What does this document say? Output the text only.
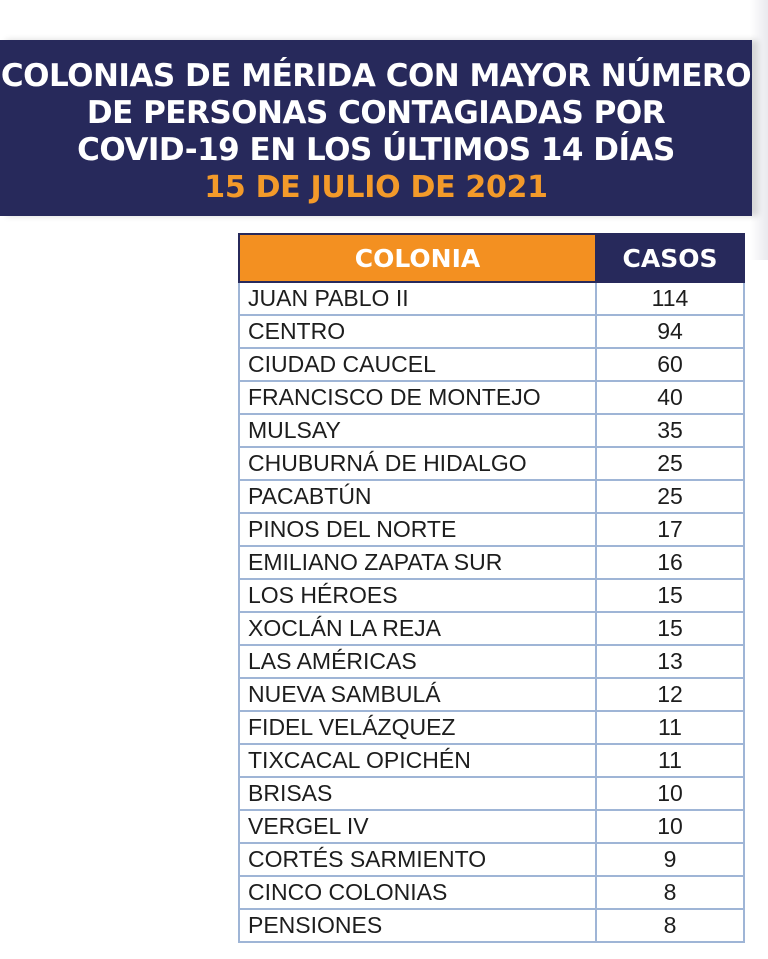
COLONIAS DE MÉRIDA CON MAYOR NÚMERO
DE PERSONAS CONTAGIADAS POR
COVID-19 EN LOS ÚLTIMOS 14 DÍAS
15 DE JULIO DE 2021
COLONIA	CASOS
JUAN PABLO II	114
CENTRO	94
CIUDAD CAUCEL	60
FRANCISCO DE MONTEJO	40
MULSAY	35
CHUBURNÁ DE HIDALGO	25
PACABTÚN	25
PINOS DEL NORTE	17
EMILIANO ZAPATA SUR	16
LOS HÉROES	15
XOCLÁN LA REJA	15
LAS AMÉRICAS	13
NUEVA SAMBULÁ	12
FIDEL VELÁZQUEZ	11
TIXCACAL OPICHÉN	11
BRISAS	10
VERGEL IV	10
CORTÉS SARMIENTO	9
CINCO COLONIAS	8
PENSIONES	8
